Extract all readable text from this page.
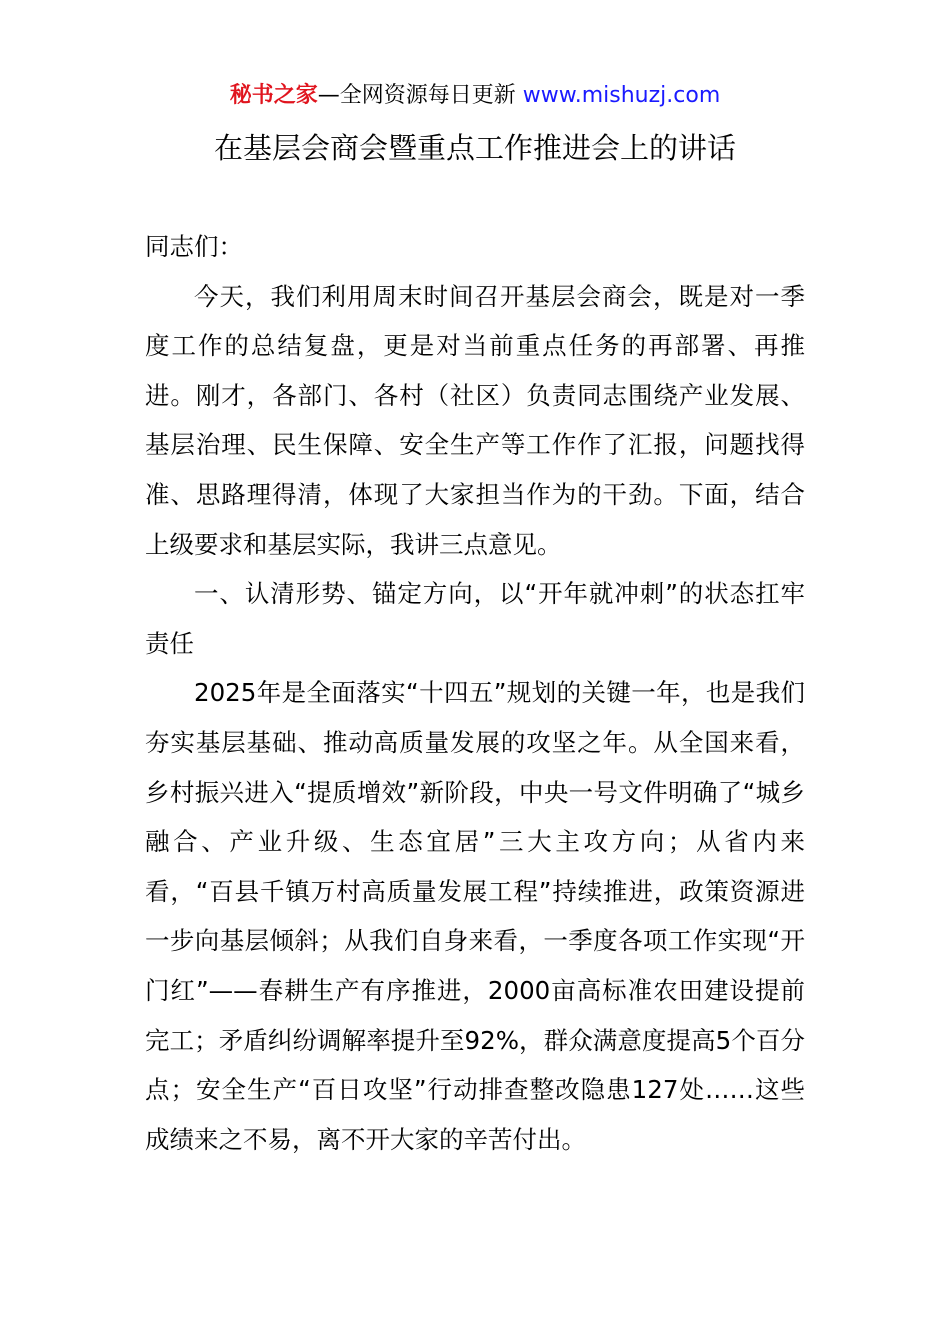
秘书之家—全网资源每日更新 www.mishuzj.com
在基层会商会暨重点工作推进会上的讲话

同志们：

今天，我们利用周末时间召开基层会商会，既是对一季度工作的总结复盘，更是对当前重点任务的再部署、再推进。刚才，各部门、各村（社区）负责同志围绕产业发展、基层治理、民生保障、安全生产等工作作了汇报，问题找得准、思路理得清，体现了大家担当作为的干劲。下面，结合上级要求和基层实际，我讲三点意见。

一、认清形势、锚定方向，以“开年就冲刺”的状态扛牢责任

2025年是全面落实“十四五”规划的关键一年，也是我们夯实基层基础、推动高质量发展的攻坚之年。从全国来看，乡村振兴进入“提质增效”新阶段，中央一号文件明确了“城乡融合、产业升级、生态宜居”三大主攻方向；从省内来看，“百县千镇万村高质量发展工程”持续推进，政策资源进一步向基层倾斜；从我们自身来看，一季度各项工作实现“开门红”——春耕生产有序推进，2000亩高标准农田建设提前完工；矛盾纠纷调解率提升至92%，群众满意度提高5个百分点；安全生产“百日攻坚”行动排查整改隐患127处……这些成绩来之不易，离不开大家的辛苦付出。
